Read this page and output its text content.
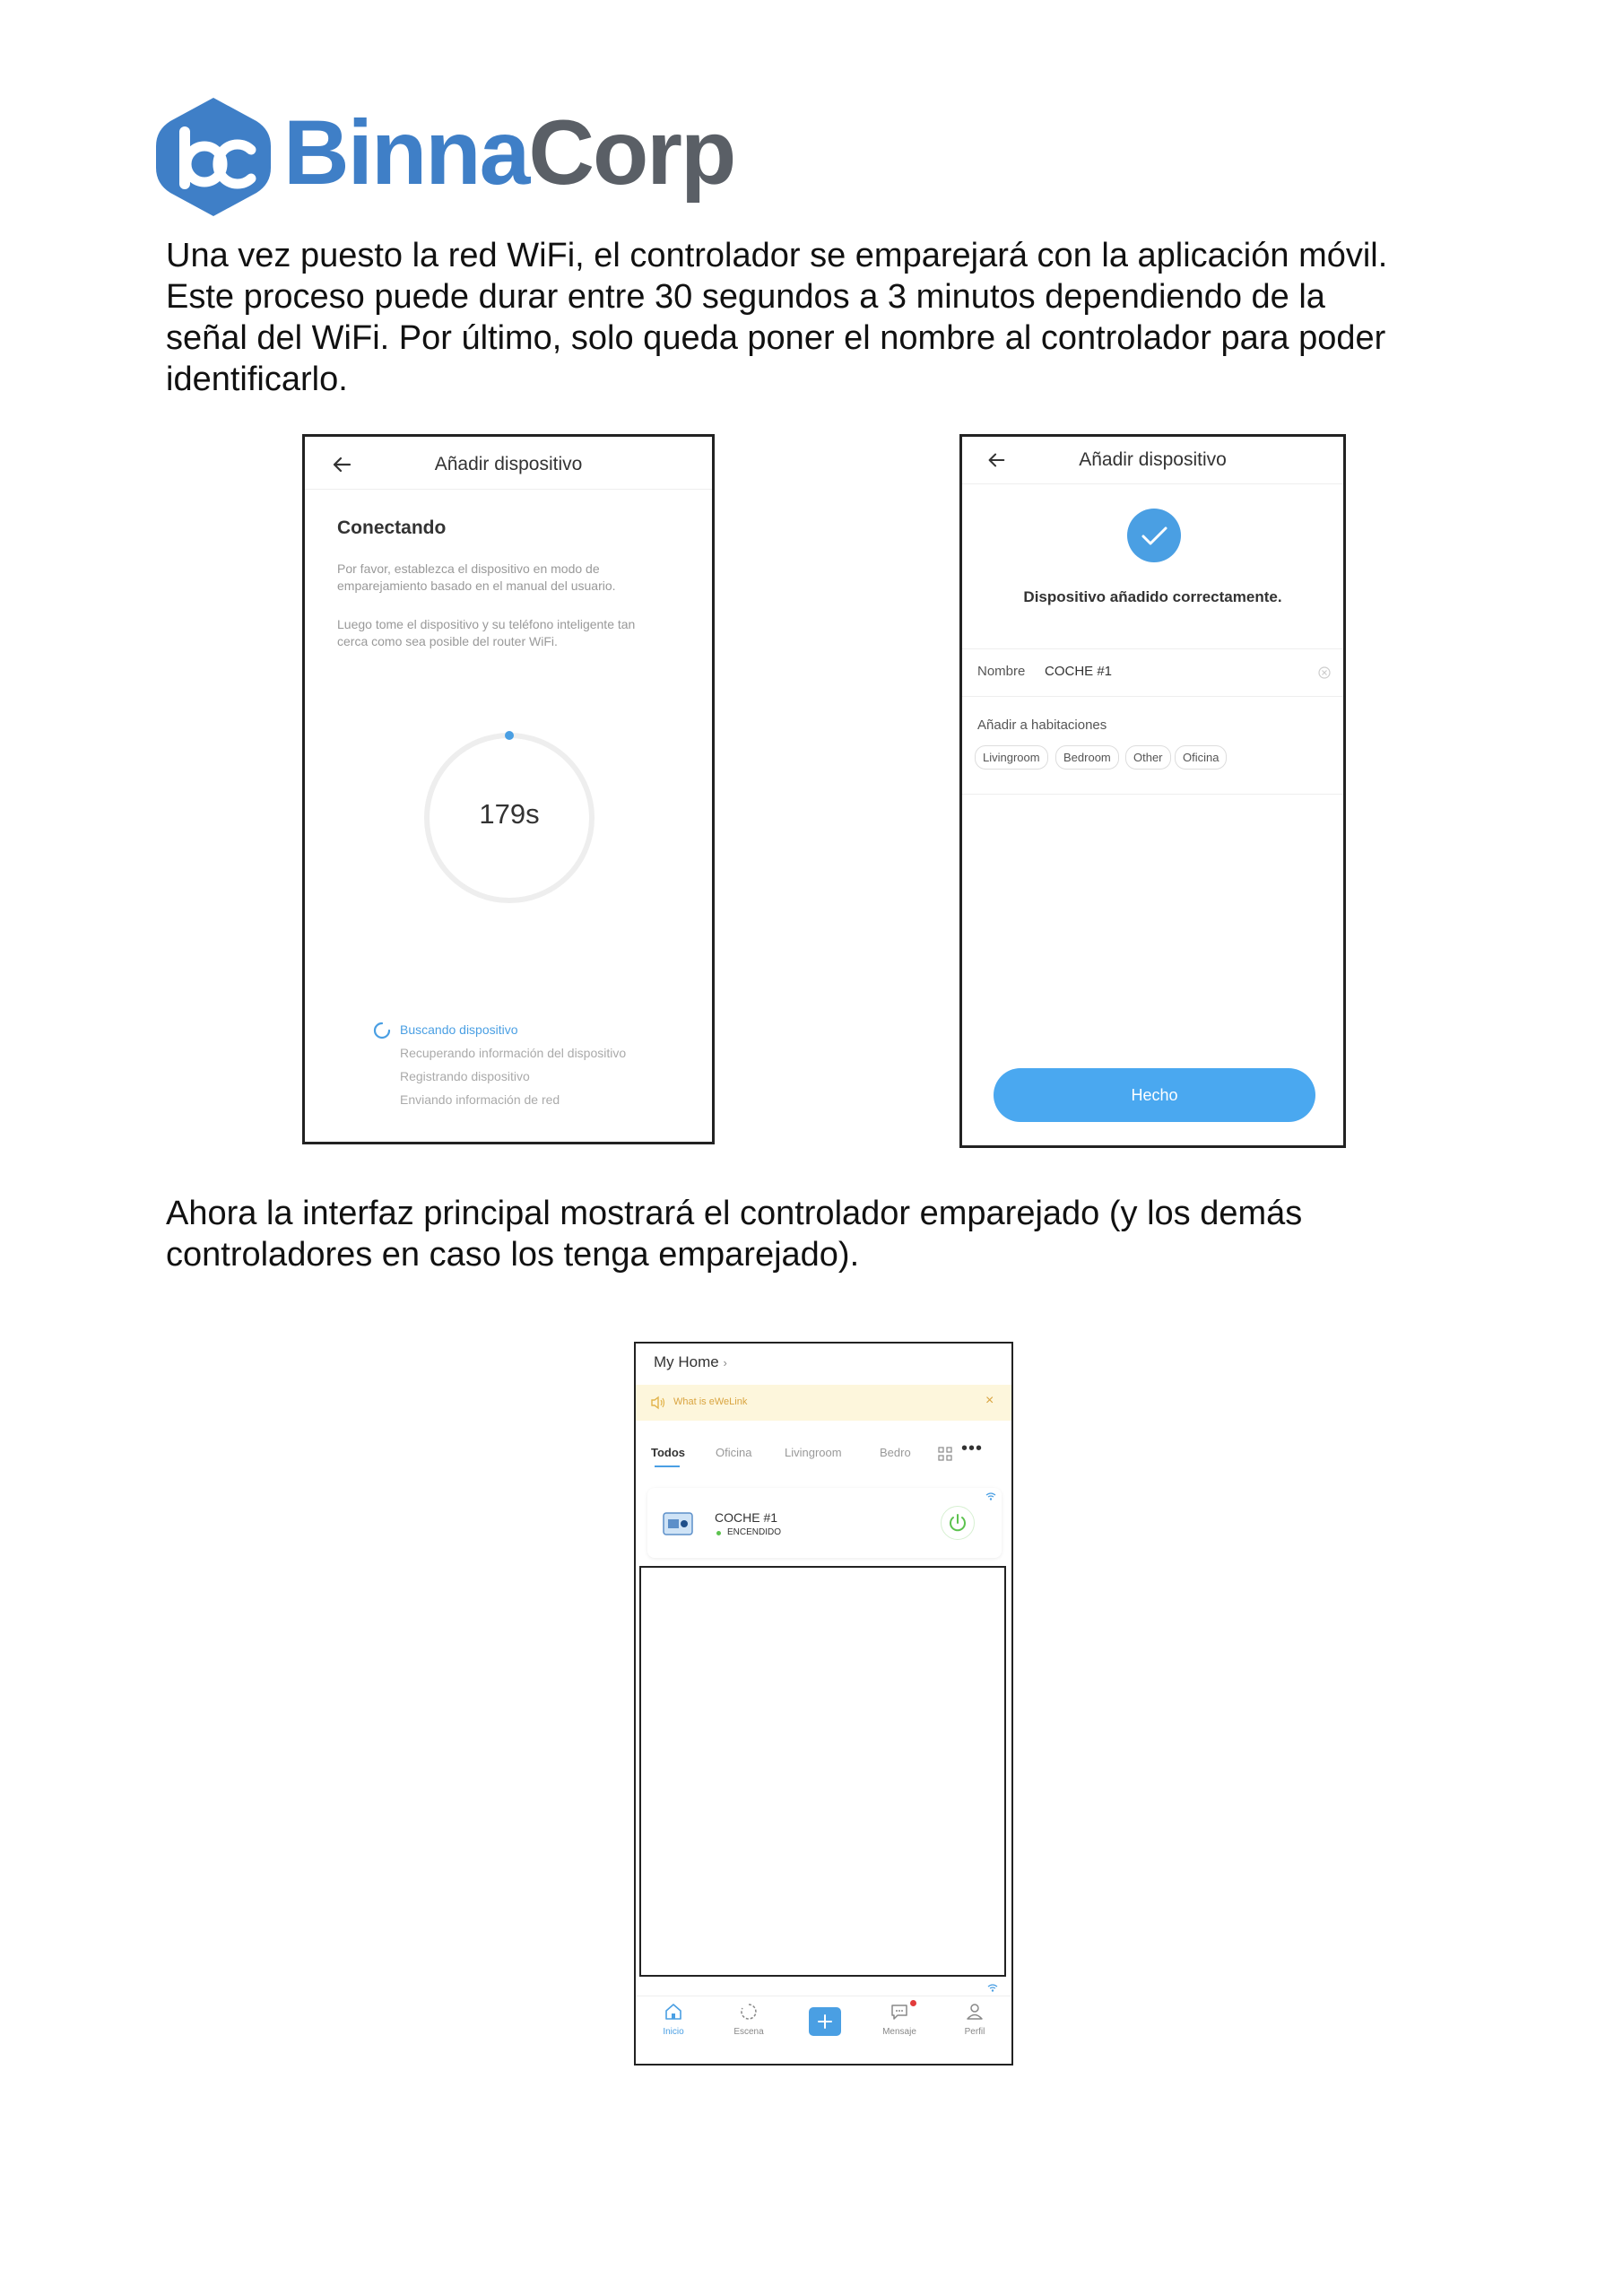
BinnaCorp

Una vez puesto la red WiFi, el controlador se emparejará con la aplicación móvil.

Este proceso puede durar entre 30 segundos a 3 minutos dependiendo de la

señal del WiFi. Por último, solo queda poner el nombre al controlador para poder

identificarlo.

Añadir dispositivo
Conectando
Por favor, establezca el dispositivo en modo de
emparejamiento basado en el manual del usuario.
Luego tome el dispositivo y su teléfono inteligente tan
cerca como sea posible del router WiFi.
179s
Buscando dispositivo
Recuperando información del dispositivo
Registrando dispositivo
Enviando información de red
Añadir dispositivo
Dispositivo añadido correctamente.
Nombre COCHE #1
Añadir a habitaciones
Livingroom	Bedroom	Other	Oficina
Hecho

Ahora la interfaz principal mostrará el controlador emparejado (y los demás

controladores en caso los tenga emparejado).

My Home ›
What is eWeLink	×
Todos	Oficina	Livingroom	Bedro	•••
COCHE #1
ENCENDIDO
Inicio	Escena	Mensaje	Perfil
